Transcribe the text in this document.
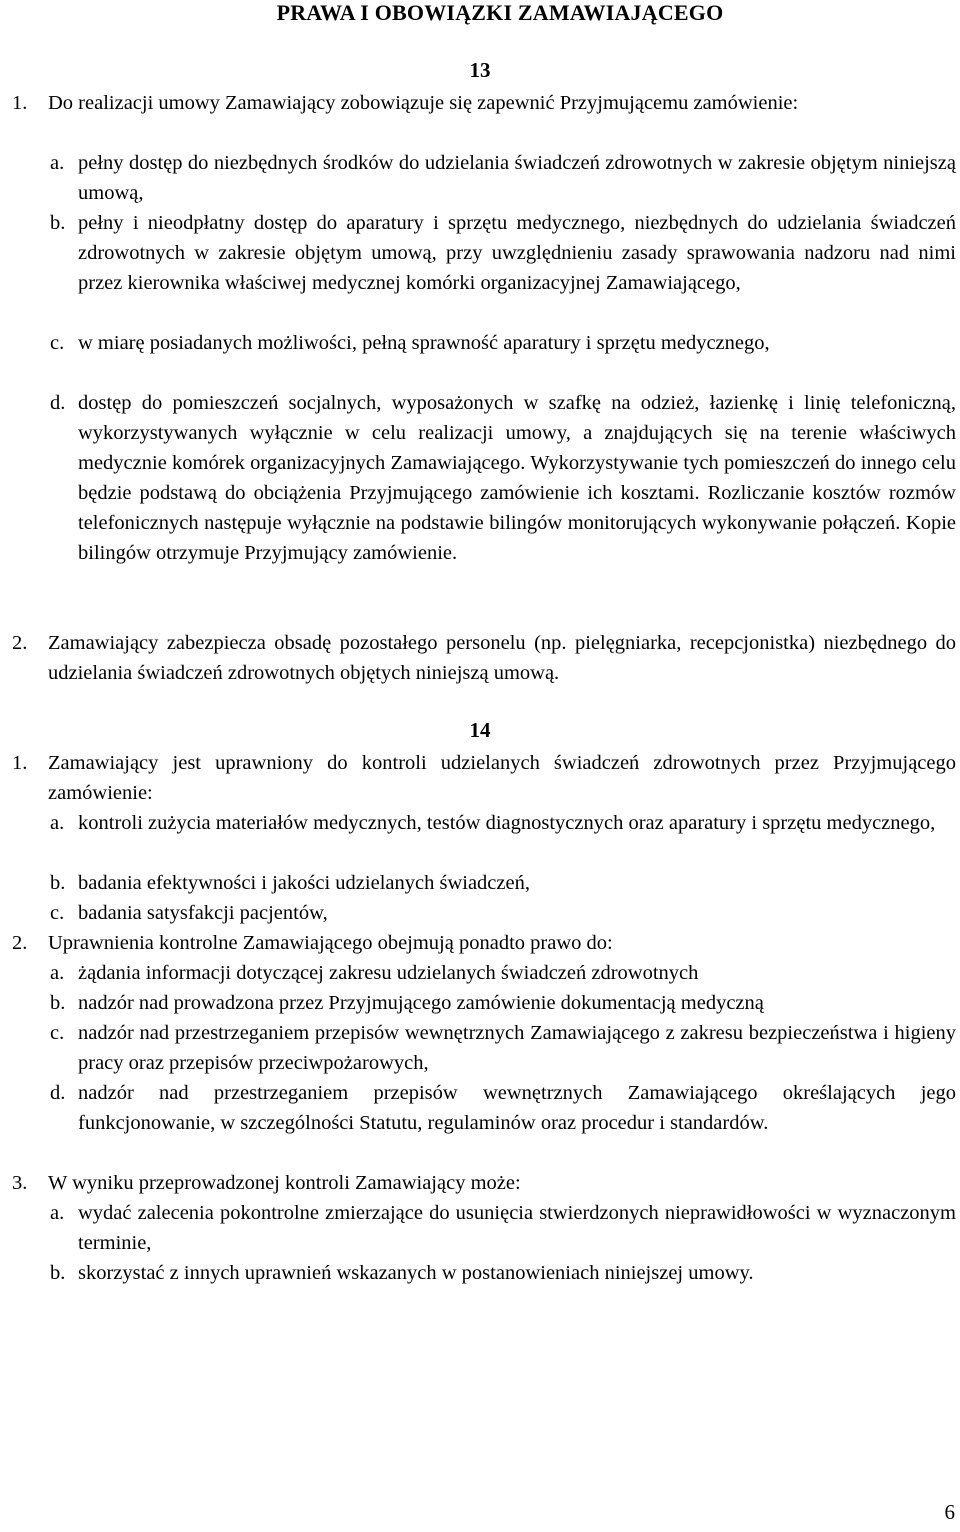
PRAWA I OBOWIĄZKI ZAMAWIAJĄCEGO
13
1. Do realizacji umowy Zamawiający zobowiązuje się zapewnić Przyjmującemu zamówienie:
a. pełny dostęp do niezbędnych środków do udzielania świadczeń zdrowotnych w zakresie objętym niniejszą umową,
b. pełny i nieodpłatny dostęp do aparatury i sprzętu medycznego, niezbędnych do udzielania świadczeń zdrowotnych w zakresie objętym umową, przy uwzględnieniu zasady sprawowania nadzoru nad nimi przez kierownika właściwej medycznej komórki organizacyjnej Zamawiającego,
c. w miarę posiadanych możliwości, pełną sprawność aparatury i sprzętu medycznego,
d. dostęp do pomieszczeń socjalnych, wyposażonych w szafkę na odzież, łazienkę i linię telefoniczną, wykorzystywanych wyłącznie w celu realizacji umowy, a znajdujących się na terenie właściwych medycznie komórek organizacyjnych Zamawiającego. Wykorzystywanie tych pomieszczeń do innego celu będzie podstawą do obciążenia Przyjmującego zamówienie ich kosztami. Rozliczanie kosztów rozmów telefonicznych następuje wyłącznie na podstawie bilingów monitorujących wykonywanie połączeń. Kopie bilingów otrzymuje Przyjmujący zamówienie.
2. Zamawiający zabezpiecza obsadę pozostałego personelu (np. pielęgniarka, recepcjonistka) niezbędnego do udzielania świadczeń zdrowotnych objętych niniejszą umową.
14
1. Zamawiający jest uprawniony do kontroli udzielanych świadczeń zdrowotnych przez Przyjmującego zamówienie:
a. kontroli zużycia materiałów medycznych, testów diagnostycznych oraz aparatury i sprzętu medycznego,
b. badania efektywności i jakości udzielanych świadczeń,
c. badania satysfakcji pacjentów,
2. Uprawnienia kontrolne Zamawiającego obejmują ponadto prawo do:
a. żądania informacji dotyczącej zakresu udzielanych świadczeń zdrowotnych
b. nadzór nad prowadzona przez Przyjmującego zamówienie dokumentacją medyczną
c. nadzór nad przestrzeganiem przepisów wewnętrznych Zamawiającego z zakresu bezpieczeństwa i higieny pracy oraz przepisów przeciwpożarowych,
d. nadzór nad przestrzeganiem przepisów wewnętrznych Zamawiającego określających jego funkcjonowanie, w szczególności Statutu, regulaminów oraz procedur i standardów.
3. W wyniku przeprowadzonej kontroli Zamawiający może:
a. wydać zalecenia pokontrolne zmierzające do usunięcia stwierdzonych nieprawidłowości w wyznaczonym terminie,
b. skorzystać z innych uprawnień wskazanych w postanowieniach niniejszej umowy.
6
